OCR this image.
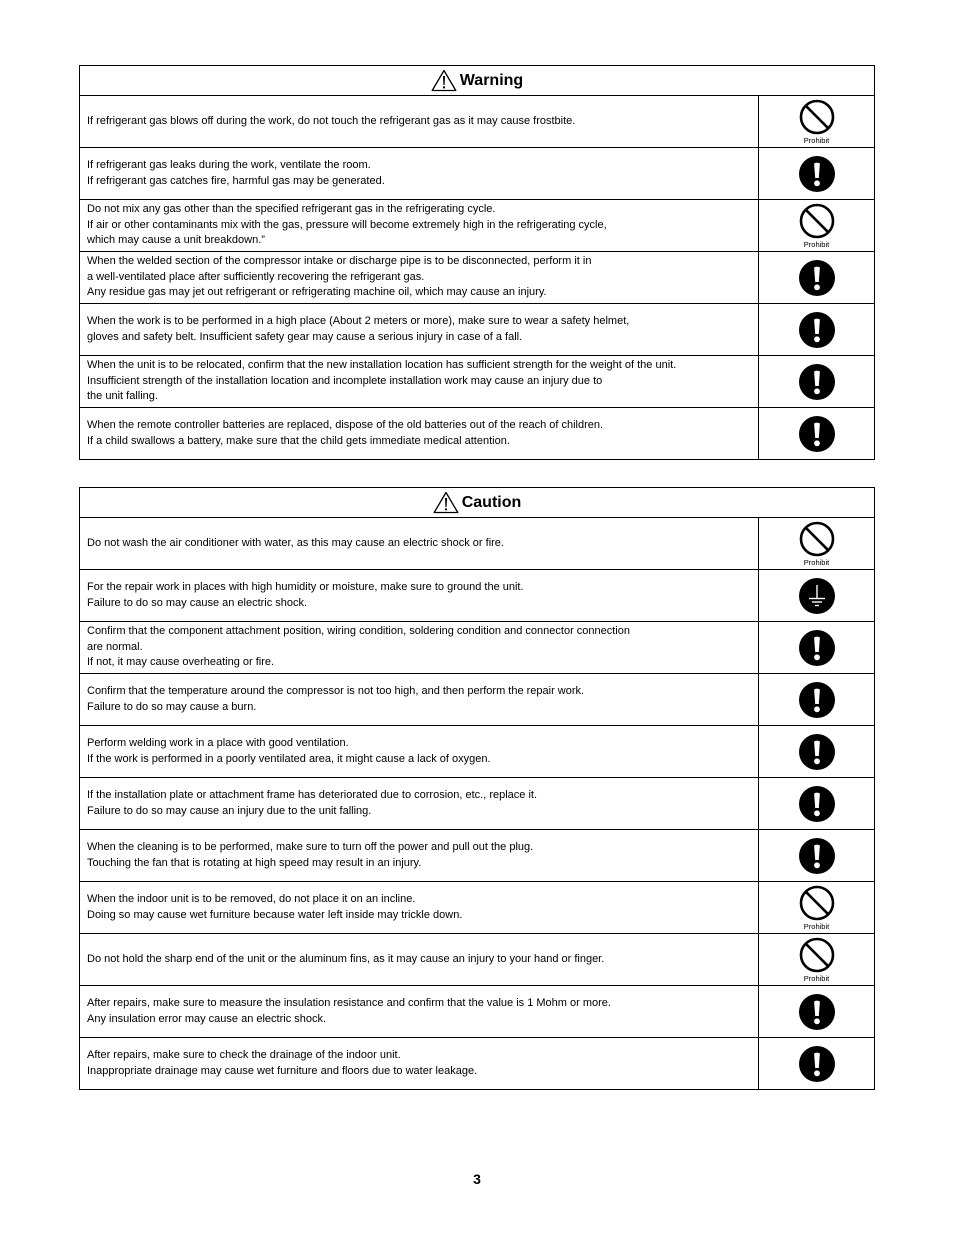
Warning
If refrigerant gas blows off during the work, do not touch the refrigerant gas as it may cause frostbite.
Prohibit
If refrigerant gas leaks during the work, ventilate the room.
If refrigerant gas catches fire, harmful gas may be generated.
Do not mix any gas other than the specified refrigerant gas in the refrigerating cycle.
If air or other contaminants mix with the gas, pressure will become extremely high in the refrigerating cycle,
which may cause a unit breakdown.”	Prohibit
When the welded section of the compressor intake or discharge pipe is to be disconnected, perform it in
a well-ventilated place after sufficiently recovering the refrigerant gas.
Any residue gas may jet out refrigerant or refrigerating machine oil, which may cause an injury.
When the work is to be performed in a high place (About 2 meters or more), make sure to wear a safety helmet,
gloves and safety belt. Insufficient safety gear may cause a serious injury in case of a fall.
When the unit is to be relocated, confirm that the new installation location has sufficient strength for the weight of the unit.
Insufficient strength of the installation location and incomplete installation work may cause an injury due to
the unit falling.
When the remote controller batteries are replaced, dispose of the old batteries out of the reach of children.
If a child swallows a battery, make sure that the child gets immediate medical attention.
Caution
Do not wash the air conditioner with water, as this may cause an electric shock or fire.
Prohibit
For the repair work in places with high humidity or moisture, make sure to ground the unit.
Failure to do so may cause an electric shock.
Confirm that the component attachment position, wiring condition, soldering condition and connector connection
are normal.
If not, it may cause overheating or fire.
Confirm that the temperature around the compressor is not too high, and then perform the repair work.
Failure to do so may cause a burn.
Perform welding work in a place with good ventilation.
If the work is performed in a poorly ventilated area, it might cause a lack of oxygen.
If the installation plate or attachment frame has deteriorated due to corrosion, etc., replace it.
Failure to do so may cause an injury due to the unit falling.
When the cleaning is to be performed, make sure to turn off the power and pull out the plug.
Touching the fan that is rotating at high speed may result in an injury.
When the indoor unit is to be removed, do not place it on an incline.
Doing so may cause wet furniture because water left inside may trickle down.
Prohibit
Do not hold the sharp end of the unit or the aluminum fins, as it may cause an injury to your hand or finger.
Prohibit
After repairs, make sure to measure the insulation resistance and confirm that the value is 1 Mohm or more.
Any insulation error may cause an electric shock.
After repairs, make sure to check the drainage of the indoor unit.
Inappropriate drainage may cause wet furniture and floors due to water leakage.
3
